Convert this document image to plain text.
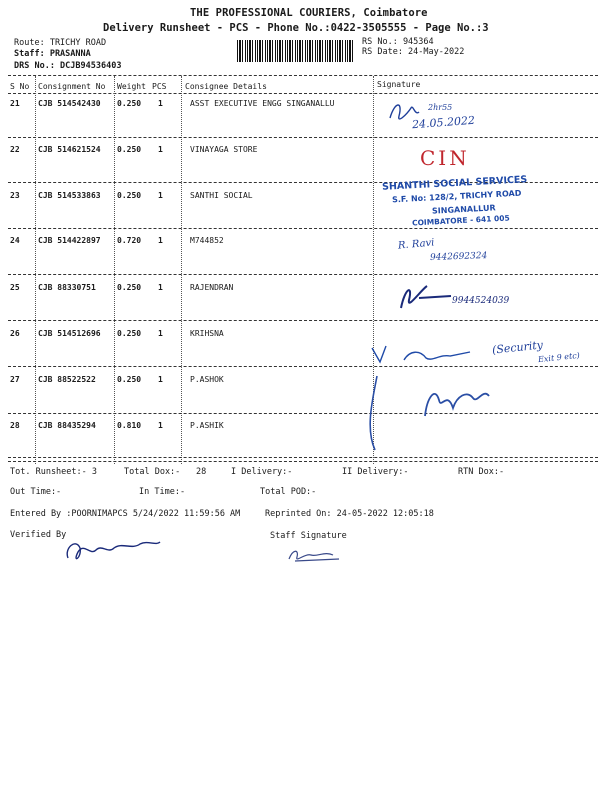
THE PROFESSIONAL COURIERS, Coimbatore
Delivery Runsheet - PCS - Phone No.:0422-3505555 - Page No.:3
Route: TRICHY ROAD
Staff: PRASANNA
DRS No.: DCJB94536403
RS No.: 945364
RS Date: 24-May-2022
S No Consignment No Weight PCS Consignee Details	Signature
21 CJB 514542430 0.250 1	ASST EXECUTIVE ENGG SINGANALLU
22 CJB 514621524 0.250 1	VINAYAGA STORE
23 CJB 514533863 0.250 1	SANTHI SOCIAL
24 CJB 514422897 0.720 1	M744852
25 CJB 88330751	0.250 1	RAJENDRAN
26 CJB 514512696 0.250 1	KRIHSNA
27 CJB 88522522	0.250 1	P.ASHOK
28 CJB 88435294	0.810 1	P.ASHIK
2hr55
24.05.2022
CIN
SHANTHI SOCIAL SERVICES
S.F. No: 128/2, TRICHY ROAD
SINGANALLUR
COIMBATORE - 641 005
R. Ravi
9442692324
9944524039
(Security
Exit 9 etc)
Tot. Runsheet:- 3	Total Dox:- 28	I Delivery:-	II Delivery:-	RTN Dox:-
Out Time:-	In Time:-	Total POD:-
Entered By :POORNIMAPCS 5/24/2022 11:59:56 AM	Reprinted On: 24-05-2022 12:05:18
Verified By	Staff Signature
